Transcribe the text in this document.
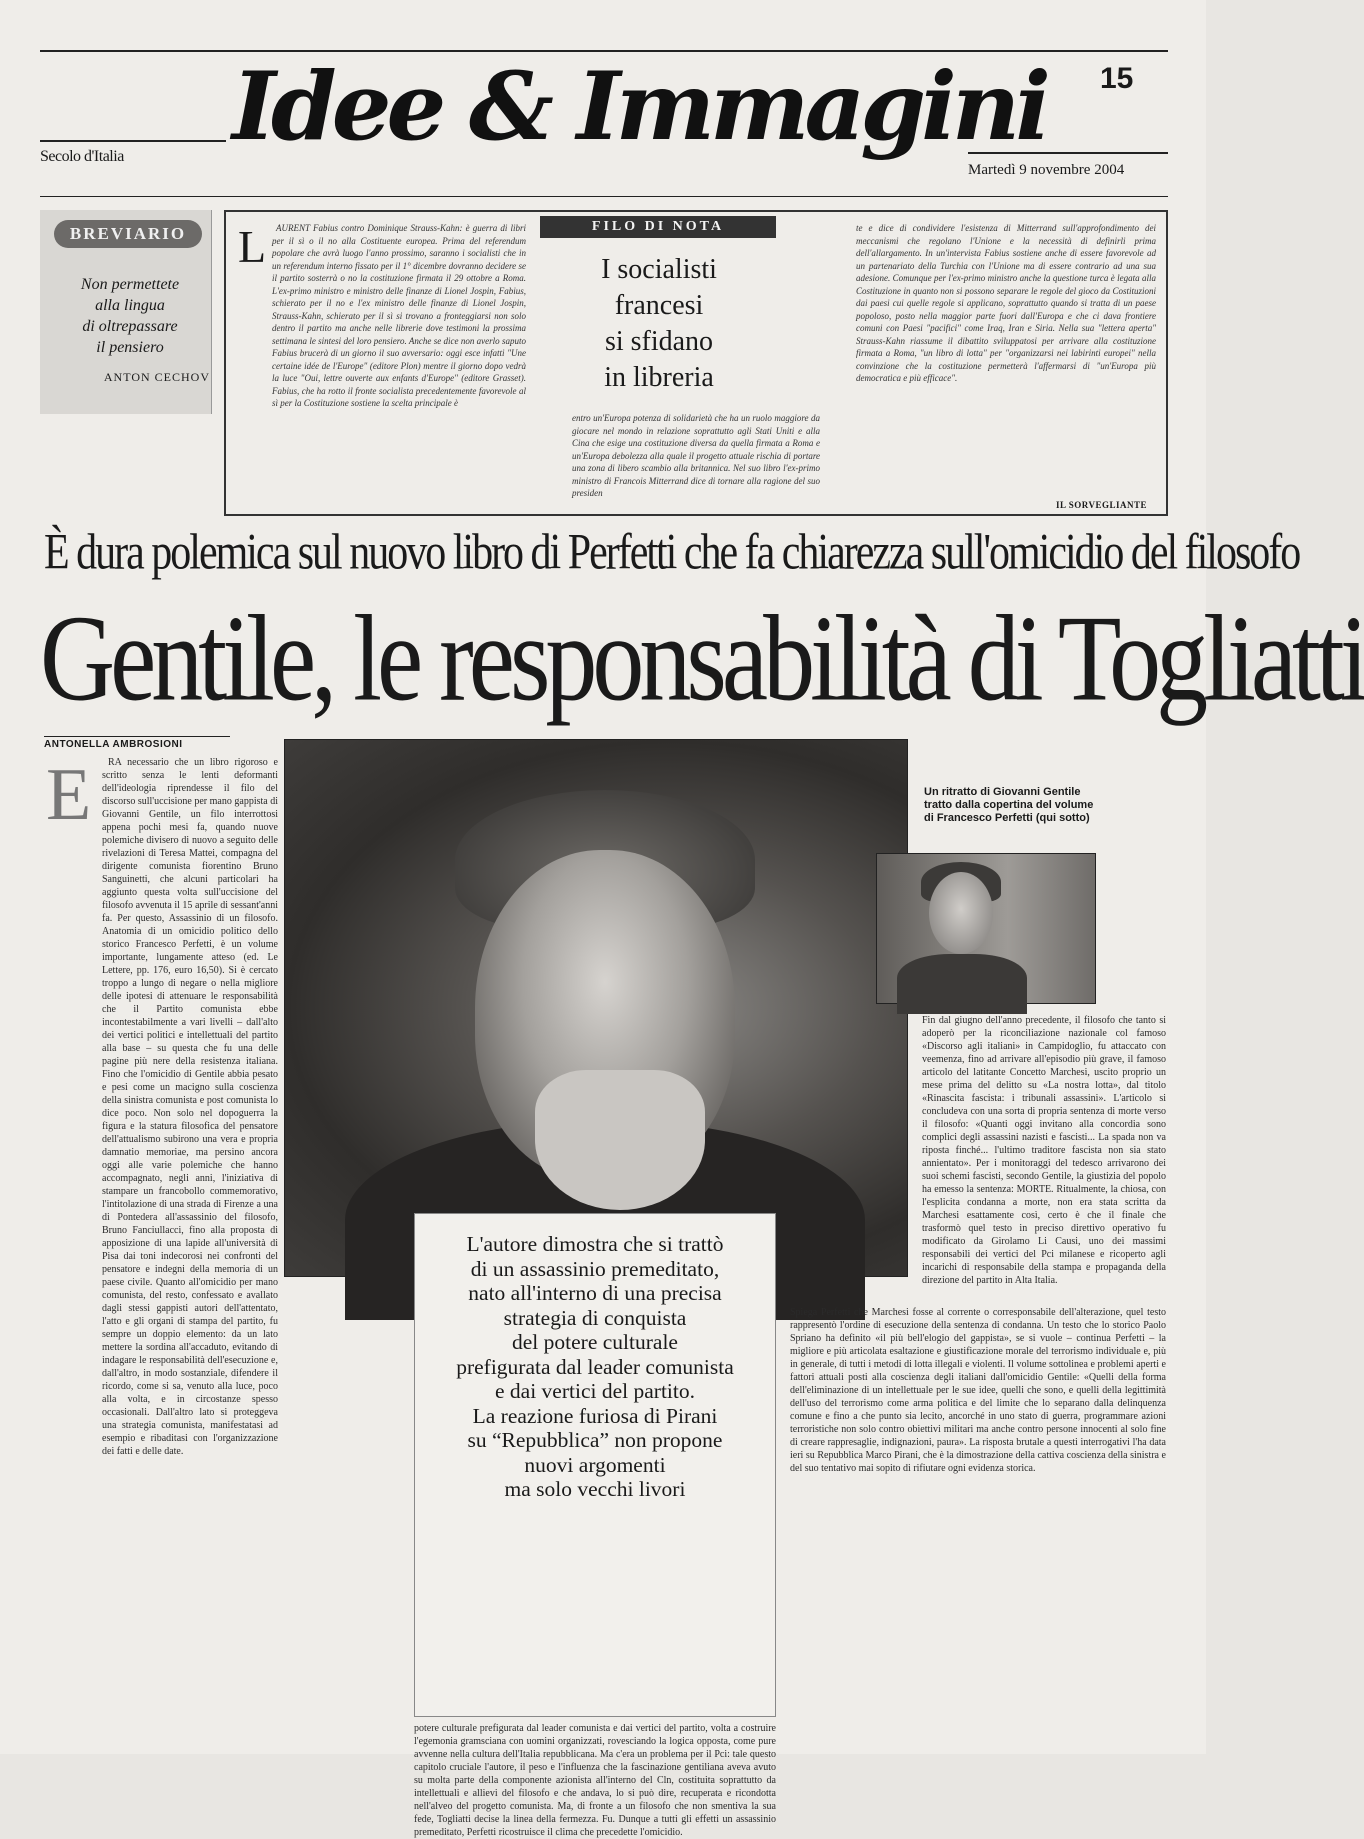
Secolo d'Italia Idee & Immagini 15
Martedì 9 novembre 2004
BREVIARIO
Non permettete
alla lingua
di oltrepassare
il pensiero
ANTON CECHOV
FILO DI NOTA
I socialisti francesi
si sfidano
in libreria
L	AURENT Fabius contro Dominique Strauss-Kahn: è guerra di libri per il sì o il no alla Costituente europea. Prima del referendum popolare che avrà luogo l'anno prossimo, saranno i socialisti che in un referendum interno fissato per il 1° dicembre dovranno decidere se il partito sosterrà o no la costituzione firmata il 29 ottobre a Roma. L'ex-primo ministro e ministro delle finanze di Lionel Jospin, Fabius, schierato per il no e l'ex ministro delle finanze di Lionel Jospin, Strauss-Kahn, schierato per il sì si trovano a fronteggiarsi non solo dentro il partito ma anche nelle librerie dove testimoni la prossima settimana le sintesi del loro pensiero. Anche se dice non averlo saputo Fabius brucerà di un giorno il suo avversario: oggi esce infatti "Une certaine idée de l'Europe" (editore Plon) mentre il giorno dopo vedrà la luce "Oui, lettre ouverte aux enfants d'Europe" (editore Grasset). Fabius, che ha rotto il fronte socialista precedentemente favorevole al sì per la Costituzione sostiene la scelta principale è
entro un'Europa potenza di solidarietà che ha un ruolo maggiore da giocare nel mondo in relazione soprattutto agli Stati Uniti e alla Cina che esige una costituzione diversa da quella firmata a Roma e un'Europa debolezza alla quale il progetto attuale rischia di portare una zona di libero scambio alla britannica. Nel suo libro l'ex-primo ministro di Francois Mitterrand dice di tornare alla ragione del suo presiden
te e dice di condividere l'esistenza di Mitterrand sull'approfondimento dei meccanismi che regolano l'Unione e la necessità di definirli prima dell'allargamento. In un'intervista Fabius sostiene anche di essere favorevole ad un partenariato della Turchia con l'Unione ma di essere contrario ad una sua adesione. Comunque per l'ex-primo ministro anche la questione turca è legata alla Costituzione in quanto non si possono separare le regole del gioco da Costituzioni dai paesi cui quelle regole si applicano, soprattutto quando si tratta di un paese popoloso, posto nella maggior parte fuori dall'Europa e che ci dava frontiere comuni con Paesi "pacifici" come Iraq, Iran e Siria. Nella sua "lettera aperta" Strauss-Kahn riassume il dibattito sviluppatosi per arrivare alla costituzione firmata a Roma, "un libro di lotta" per "organizzarsi nei labirinti europei" nella convinzione che la costituzione permetterà l'affermarsi di "un'Europa più democratica e più efficace".
IL SORVEGLIANTE
È dura polemica sul nuovo libro di Perfetti che fa chiarezza sull'omicidio del filosofo
Gentile, le responsabilità di Togliatti
ANTONELLA AMBROSIONI
Un ritratto di Giovanni Gentile tratto dalla copertina del volume di Francesco Perfetti (qui sotto)
E	RA necessario che un libro rigoroso e scritto senza le lenti deformanti dell'ideologia riprendesse il filo del discorso sull'uccisione per mano gappista di Giovanni Gentile, un filo interrottosi appena pochi mesi fa, quando nuove polemiche divisero di nuovo a seguito delle rivelazioni di Teresa Mattei, compagna del dirigente comunista fiorentino Bruno Sanguinetti, che alcuni particolari ha aggiunto questa volta sull'uccisione del filosofo avvenuta il 15 aprile di sessant'anni fa. Per questo, Assassinio di un filosofo. Anatomia di un omicidio politico dello storico Francesco Perfetti, è un volume importante, lungamente atteso (ed. Le Lettere, pp. 176, euro 16,50). Si è cercato troppo a lungo di negare o nella migliore delle ipotesi di attenuare le responsabilità che il Partito comunista ebbe incontestabilmente a vari livelli – dall'alto dei vertici politici e intellettuali del partito alla base – su questa che fu una delle pagine più nere della resistenza italiana. Fino che l'omicidio di Gentile abbia pesato e pesi come un macigno sulla coscienza della sinistra comunista e post comunista lo dice poco. Non solo nel dopoguerra la figura e la statura filosofica del pensatore dell'attualismo subirono una vera e propria damnatio memoriae, ma persino ancora oggi alle varie polemiche che hanno accompagnato, negli anni, l'iniziativa di stampare un francobollo commemorativo, l'intitolazione di una strada di Firenze a una di Pontedera all'assassinio del filosofo, Bruno Fanciullacci, fino alla proposta di apposizione di una lapide all'università di Pisa dai toni indecorosi nei confronti del pensatore e indegni della memoria di un paese civile. Quanto all'omicidio per mano comunista, del resto, confessato e avallato dagli stessi gappisti autori dell'attentato, l'atto e gli organi di stampa del partito, fu sempre un doppio elemento: da un lato mettere la sordina all'accaduto, evitando di indagare le responsabilità dell'esecuzione e, dall'altro, in modo sostanziale, difendere il ricordo, come si sa, venuto alla luce, poco alla volta, e in circostanze spesso occasionali. Dall'altro lato si proteggeva una strategia comunista, manifestatasi ad esempio e ribaditasi con l'organizzazione dei fatti e delle date.
Fin dal giugno dell'anno precedente, il filosofo che tanto si adoperò per la riconciliazione nazionale col famoso «Discorso agli italiani» in Campidoglio, fu attaccato con veemenza, fino ad arrivare all'episodio più grave, il famoso articolo del latitante Concetto Marchesi, uscito proprio un mese prima del delitto su «La nostra lotta», dal titolo «Rinascita fascista: i tribunali assassini». L'articolo si concludeva con una sorta di propria sentenza di morte verso il filosofo: «Quanti oggi invitano alla concordia sono complici degli assassini nazisti e fascisti... La spada non va riposta finché... l'ultimo traditore fascista non sia stato annientato». Per i monitoraggi del tedesco arrivarono dei suoi schemi fascisti, secondo Gentile, la giustizia del popolo ha emesso la sentenza: MORTE. Ritualmente, la chiosa, con l'esplicita condanna a morte, non era stata scritta da Marchesi esattamente così, certo è che il finale che trasformò quel testo in preciso direttivo operativo fu modificato da Girolamo Li Causi, uno dei massimi responsabili dei vertici del Pci milanese e ricoperto agli incarichi di responsabile della stampa e propaganda della direzione del partito in Alta Italia.
Spiega Perfetti che Marchesi fosse al corrente o corresponsabile dell'alterazione, quel testo rappresentò l'ordine di esecuzione della sentenza di condanna. Un testo che lo storico Paolo Spriano ha definito «il più bell'elogio del gappista», se si vuole – continua Perfetti – la migliore e più articolata esaltazione e giustificazione morale del terrorismo individuale e, più in generale, di tutti i metodi di lotta illegali e violenti. Il volume sottolinea e problemi aperti e fattori attuali posti alla coscienza degli italiani dall'omicidio Gentile: «Quelli della forma dell'eliminazione di un intellettuale per le sue idee, quelli che sono, e quelli della legittimità dell'uso del terrorismo come arma politica e del limite che lo separano dalla delinquenza comune e fino a che punto sia lecito, ancorché in uno stato di guerra, programmare azioni terroristiche non solo contro obiettivi militari ma anche contro persone innocenti al solo fine di creare rappresaglie, indignazioni, paura». La risposta brutale a questi interrogativi l'ha data ieri su Repubblica Marco Pirani, che è la dimostrazione della cattiva coscienza della sinistra e del suo tentativo mai sopito di rifiutare ogni evidenza storica.
potere culturale prefigurata dal leader comunista e dai vertici del partito, volta a costruire l'egemonia gramsciana con uomini organizzati, rovesciando la logica opposta, come pure avvenne nella cultura dell'Italia repubblicana. Ma c'era un problema per il Pci: tale questo capitolo cruciale l'autore, il peso e l'influenza che la fascinazione gentiliana aveva avuto su molta parte della componente azionista all'interno del Cln, costituita soprattutto da intellettuali e allievi del filosofo e che andava, lo si può dire, recuperata e ricondotta nell'alveo del progetto comunista. Ma, di fronte a un filosofo che non smentiva la sua fede, Togliatti decise la linea della fermezza. Fu. Dunque a tutti gli effetti un assassinio premeditato, Perfetti ricostruisce il clima che precedette l'omicidio.

L'autore dimostra che si trattò

di un assassinio premeditato,

nato all'interno di una precisa

strategia di conquista

del potere culturale

prefigurata dal leader comunista

e dai vertici del partito.

La reazione furiosa di Pirani

su “Repubblica” non propone

nuovi argomenti

ma solo vecchi livori
